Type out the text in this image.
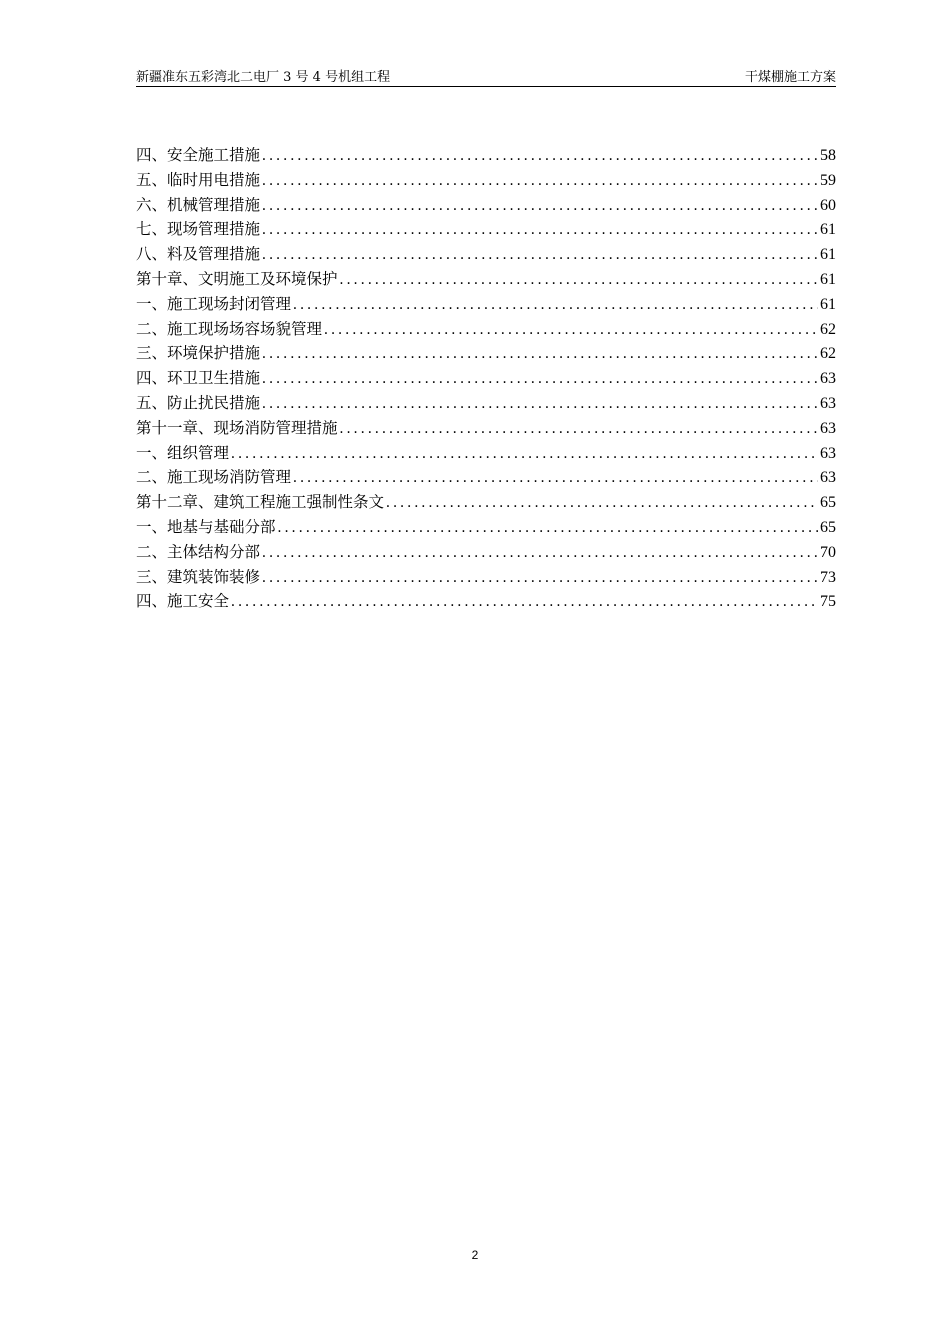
新疆准东五彩湾北二电厂 3 号 4 号机组工程	干煤棚施工方案
四、安全施工措施 .....	58
五、临时用电措施 .....	59
六、机械管理措施 .....	60
七、现场管理措施 .....	61
八、料及管理措施 .....	61
第十章、文明施工及环境保护 .....	61
一、施工现场封闭管理 .....	61
二、施工现场场容场貌管理 .....	62
三、环境保护措施 .....	62
四、环卫卫生措施 .....	63
五、防止扰民措施 .....	63
第十一章、现场消防管理措施 .....	63
一、组织管理 .....	63
二、施工现场消防管理 .....	63
第十二章、建筑工程施工强制性条文 .....	65
一、地基与基础分部 .....	65
二、主体结构分部 .....	70
三、建筑装饰装修 .....	73
四、施工安全 .....	75
2
